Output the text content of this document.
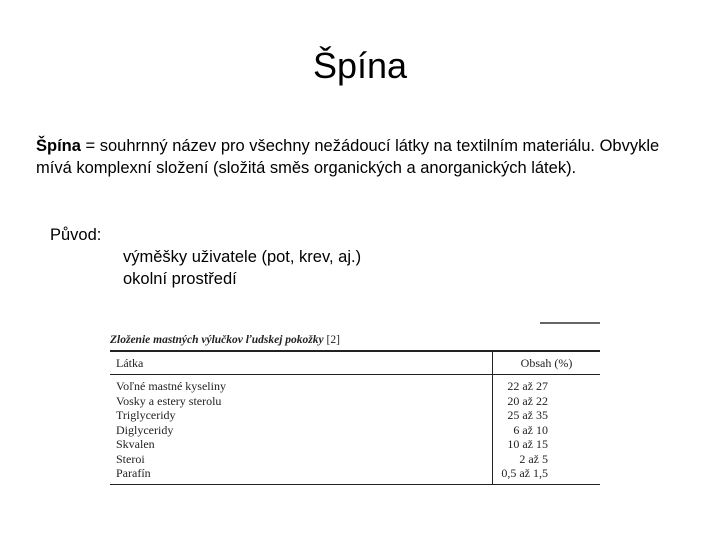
Špína
Špína = souhrnný název pro všechny nežádoucí látky na textilním materiálu. Obvykle mívá komplexní složení (složitá směs organických a anorganických látek).
Původ:
výměšky uživatele (pot, krev, aj.)
okolní prostředí
Zloženie mastných výlučkov ľudskej pokožky [2]
Látka	Obsah (%)
Voľné mastné kyseliny	22 až 27
Vosky a estery sterolu	20 až 22
Triglyceridy	25 až 35
Diglyceridy	6 až 10
Skvalen	10 až 15
Steroi	2 až 5
Parafín	0,5 až 1,5
